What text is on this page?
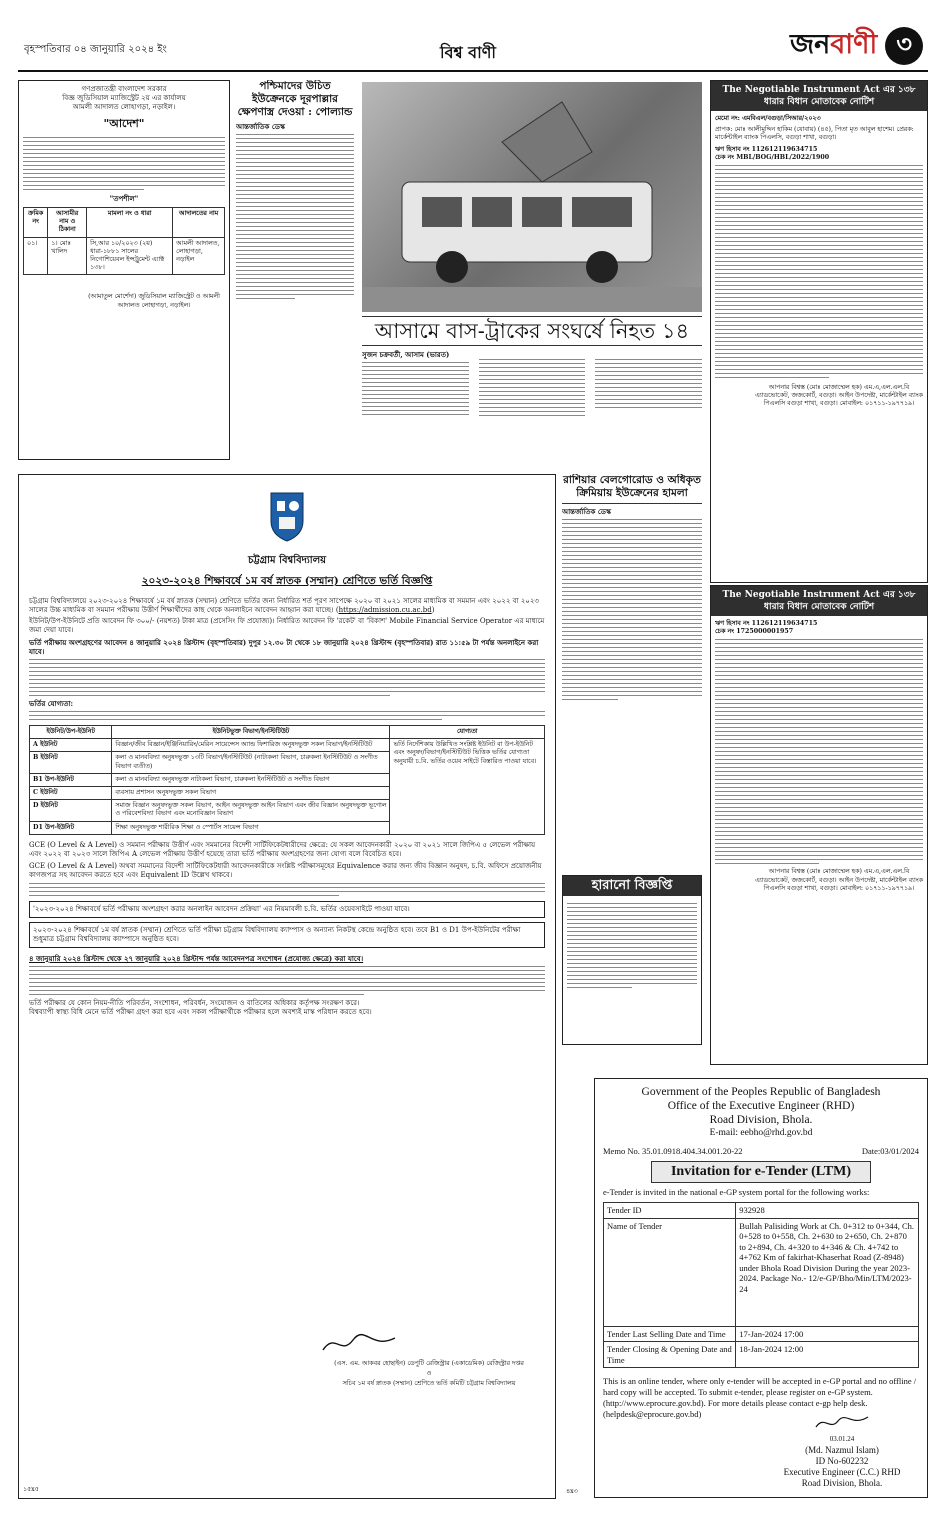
বৃহস্পতিবার ০৪ জানুয়ারি ২০২৪ ইং	বিশ্ব বাণী	জনবাণী ৩
গণপ্রজাতন্ত্রী বাংলাদেশ সরকার
বিজ্ঞ জুডিসিয়াল ম্যাজিস্ট্রেট ২য় এর কার্যালয়
আমলী আদালত লোহাগড়া, নড়াইল।
"আদেশ"
"তপশীল"
ক্রমিক নং	আসামীর নাম ও ঠিকানা	মামলা নং ও ধারা	আদালতের নাম
০১।	১। মোঃ খালিদ	সি,আর ১০/২০২৩ (২য়) ধারা-১৮৮১ সালের নিগোশিয়েবল ইন্সট্রুমেন্ট এ্যাক্ট ১৩৮।	আমলী আদালত, লোহাগড়া, নড়াইল
(আমাতুল মোর্শেদা) জুডিসিয়াল ম্যাজিস্ট্রেট ও আমলী আদালত লোহাগড়া, নড়াইল।
পশ্চিমাদের উচিত ইউক্রেনকে দূরপাল্লার ক্ষেপণাস্ত্র দেওয়া : পোল্যান্ড
আন্তর্জাতিক ডেস্ক
আসামে বাস-ট্রাকের সংঘর্ষে নিহত ১৪
সুজন চক্রবর্তী, আসাম (ভারত)
The Negotiable Instrument Act এর ১৩৮ ধারার বিধান মোতাবেক নোটিশ
মেমো নং: এমবিএল/বগুড়া/সিআর/২০২৩
প্রাপক: মোঃ আলীমুদ্দিন হাকিম (যোবায়) (৪৫), পিতা মৃত আবুল হাশেম। প্রেরক: মার্কেন্টাইল ব্যাংক পিএলসি, বগুড়া শাখা, বগুড়া।
ঋণ হিসাব নং 112612119634715
চেক নং MBL/BOG/HBL/2022/1900
আপনার বিশ্বস্ত (মোঃ মোজাম্মেল হক) এম.এ,এল.এল.বি এ্যাডভোকেট, জজকোর্ট, বগুড়া। আইন উপদেষ্টা, মার্কেন্টাইল ব্যাংক পিএলসি বগুড়া শাখা, বগুড়া। মোবাইল: ০১৭১১-১৯৭৭১৯।
চট্টগ্রাম বিশ্ববিদ্যালয়
২০২৩-২০২৪ শিক্ষাবর্ষে ১ম বর্ষ স্নাতক (সম্মান) শ্রেণিতে ভর্তি বিজ্ঞপ্তি
চট্টগ্রাম বিশ্ববিদ্যালয়ে ২০২৩-২০২৪ শিক্ষাবর্ষে ১ম বর্ষ স্নাতক (সম্মান) শ্রেণিতে ভর্তির জন্য নির্ধারিত শর্ত পূরণ সাপেক্ষে ২০২০ বা ২০২১ সালের মাধ্যমিক বা সমমান এবং ২০২২ বা ২০২৩ সালের উচ্চ মাধ্যমিক বা সমমান পরীক্ষায় উত্তীর্ণ শিক্ষার্থীদের কাছ থেকে অনলাইনে আবেদন আহ্বান করা যাচ্ছে। (https://admission.cu.ac.bd)
ইউনিট/উপ-ইউনিটে প্রতি আবেদন ফি ৩০০/- (নয়শত) টাকা মাত্র (প্রসেসিং ফি প্রযোজ্য)। নির্ধারিত আবেদন ফি 'রকেট' বা 'বিকাশ' Mobile Financial Service Operator এর মাধ্যমে জমা দেয়া যাবে।
ভর্তি পরীক্ষায় অংশগ্রহণের আবেদন ৪ জানুয়ারি ২০২৪ খ্রিস্টাব্দ (বৃহস্পতিবার) দুপুর ১২.৩০ টা থেকে ১৮ জানুয়ারি ২০২৪ খ্রিস্টাব্দ (বৃহস্পতিবার) রাত ১১:৫৯ টা পর্যন্ত অনলাইনে করা যাবে।
ভর্তির যোগ্যতা:
ইউনিট/উপ-ইউনিট	ইউনিটভুক্ত বিভাগ/ইনস্টিটিউট	যোগ্যতা
A ইউনিট	বিজ্ঞান/জীব বিজ্ঞান/ইঞ্জিনিয়ারিং/মেরিন সায়েন্সেস অ্যান্ড ফিশারিজ অনুষদভুক্ত সকল বিভাগ/ইনস্টিটিউট	ভর্তি নির্দেশিকায় উল্লিখিত সংশ্লিষ্ট ইউনিট বা উপ-ইউনিট এবং অনুষদ/বিভাগ/ইনস্টিটিউট ভিত্তিক ভর্তির যোগ্যতা অনুযায়ী চ.বি. ভর্তির ওয়েব সাইটে বিস্তারিত পাওয়া যাবে।
B ইউনিট	কলা ও মানববিদ্যা অনুষদভুক্ত ১৩টি বিভাগ/ইনস্টিটিউট (নাট্যকলা বিভাগ, চারুকলা ইনস্টিটিউট ও সংগীত বিভাগ ব্যতীত)	
B1 উপ-ইউনিট	কলা ও মানববিদ্যা অনুষদভুক্ত নাট্যকলা বিভাগ, চারুকলা ইনস্টিটিউট ও সংগীত বিভাগ	
C ইউনিট	ব্যবসায় প্রশাসন অনুষদভুক্ত সকল বিভাগ	
D ইউনিট	সমাজ বিজ্ঞান অনুষদভুক্ত সকল বিভাগ, আইন অনুষদভুক্ত আইন বিভাগ এবং জীব বিজ্ঞান অনুষদভুক্ত ভূগোল ও পরিবেশবিদ্যা বিভাগ এবং মনোবিজ্ঞান বিভাগ	
D1 উপ-ইউনিট	শিক্ষা অনুষদভুক্ত শারীরিক শিক্ষা ও স্পোর্টস সায়েন্স বিভাগ	
GCE (O Level & A Level) ও সমমান পরীক্ষায় উত্তীর্ণ এবং সমমানের বিদেশী সার্টিফিকেটধারীদের ক্ষেত্রে: যে সকল আবেদনকারী ২০২০ বা ২০২১ সালে জিপিএ ৫ লেভেল পরীক্ষায় এবং ২০২২ বা ২০২৩ সালে জিপিএ A লেভেল পরীক্ষায় উত্তীর্ণ হয়েছে তারা ভর্তি পরীক্ষায় অংশগ্রহণের জন্য যোগ্য বলে বিবেচিত হবে।
GCE (O Level & A Level) অথবা সমমানের বিদেশী সার্টিফিকেটধারী আবেদনকারীকে সংশ্লিষ্ট পরীক্ষাসমূহের Equivalence করার জন্য জীব বিজ্ঞান অনুষদ, চ.বি. অফিসে প্রয়োজনীয় কাগজপত্র সহ আবেদন করতে হবে এবং Equivalent ID উল্লেখ থাকবে।
'২০২৩-২০২৪ শিক্ষাবর্ষে ভর্তি পরীক্ষায় অংশগ্রহণ করার অনলাইন আবেদন প্রক্রিয়া' এর নিয়মাবলী চ.বি. ভর্তির ওয়েবসাইটে পাওয়া যাবে।
২০২৩-২০২৪ শিক্ষাবর্ষে ১ম বর্ষ স্নাতক (সম্মান) শ্রেণিতে ভর্তি পরীক্ষা চট্টগ্রাম বিশ্ববিদ্যালয় ক্যাম্পাস ও অন্যান্য নিকটস্থ কেন্দ্রে অনুষ্ঠিত হবে। তবে B1 ও D1 উপ-ইউনিটের পরীক্ষা শুধুমাত্র চট্টগ্রাম বিশ্ববিদ্যালয় ক্যাম্পাসে অনুষ্ঠিত হবে।
৪ জানুয়ারি ২০২৪ খ্রিস্টাব্দ থেকে ২৭ জানুয়ারি ২০২৪ খ্রিস্টাব্দ পর্যন্ত আবেদনপত্র সংশোধন (প্রযোজ্য ক্ষেত্রে) করা যাবে।
ভর্তি পরীক্ষার যে কোন নিয়ম-নীতি পরিবর্তন, সংশোধন, পরিবর্ধন, সংযোজন ও বাতিলের অধিকার কর্তৃপক্ষ সংরক্ষণ করে।
বিশ্বব্যাপী স্বাস্থ্য বিধি মেনে ভর্তি পরীক্ষা গ্রহণ করা হবে এবং সকল পরীক্ষার্থীকে পরীক্ষার হলে অবশ্যই মাস্ক পরিধান করতে হবে।
(এস. এম. আকবর হোছাইন) ডেপুটি রেজিস্ট্রার (একাডেমিক) রেজিস্ট্রার দপ্তর
ও
সচিব ১ম বর্ষ স্নাতক (সম্মান) শ্রেণিতে ভর্তি কমিটি চট্টগ্রাম বিশ্ববিদ্যালয়
১৫x৫
রাশিয়ার বেলগোরোড ও অধিকৃত ক্রিমিয়ায় ইউক্রেনের হামলা
আন্তর্জাতিক ডেস্ক
হারানো বিজ্ঞপ্তি
The Negotiable Instrument Act এর ১৩৮ ধারার বিধান মোতাবেক নোটিশ
ঋণ হিসাব নং 112612119634715
চেক নং 1725000001957
আপনার বিশ্বস্ত (মোঃ মোজাম্মেল হক) এম.এ,এল.এল.বি এ্যাডভোকেট, জজকোর্ট, বগুড়া। আইন উপদেষ্টা, মার্কেন্টাইল ব্যাংক পিএলসি বগুড়া শাখা, বগুড়া। মোবাইল: ০১৭১১-১৯৭৭১৯।
Government of the Peoples Republic of Bangladesh
Office of the Executive Engineer (RHD)
Road Division, Bhola.
E-mail: eebho@rhd.gov.bd
Memo No. 35.01.0918.404.34.001.20-22	Date:03/01/2024
Invitation for e-Tender (LTM)
e-Tender is invited in the national e-GP system portal for the following works:
Tender ID	932928
Name of Tender	Bullah Palisiding Work at Ch. 0+312 to 0+344, Ch. 0+528 to 0+558, Ch. 2+630 to 2+650, Ch. 2+870 to 2+894, Ch. 4+320 to 4+346 & Ch. 4+742 to 4+762 Km of fakirhat-Khaserhat Road (Z-8948) under Bhola Road Division During the year 2023-2024. Package No.- 12/e-GP/Bho/Min/LTM/2023-24
Tender Last Selling Date and Time	17-Jan-2024 17:00
Tender Closing & Opening Date and Time	18-Jan-2024 12:00
This is an online tender, where only e-tender will be accepted in e-GP portal and no offline / hard copy will be accepted. To submit e-tender, please register on e-GP system. (http://www.eprocure.gov.bd). For more details please contact e-gp help desk. (helpdesk@eprocure.gov.bd)
03.01.24
(Md. Nazmul Islam)
ID No-602232
Executive Engineer (C.C.) RHD
Road Division, Bhola.
৪x৩
